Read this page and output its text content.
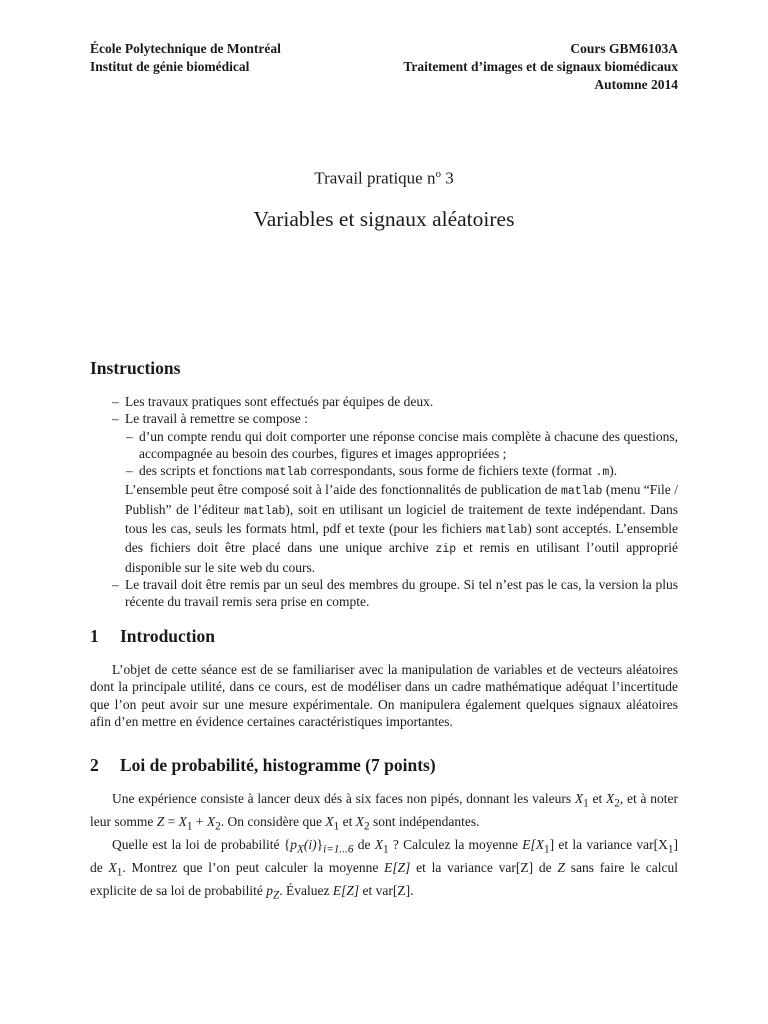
École Polytechnique de Montréal
Institut de génie biomédical
Cours GBM6103A
Traitement d’images et de signaux biomédicaux
Automne 2014
Travail pratique $n^o$ 3
Variables et signaux aléatoires
Instructions
– Les travaux pratiques sont effectués par équipes de deux.

– Le travail à remettre se compose :

– d’un compte rendu qui doit comporter une réponse concise mais complète à chacune des questions, accompagnée au besoin des courbes, figures et images appropriées ;

– des scripts et fonctions matlab correspondants, sous forme de fichiers texte (format .m).

L’ensemble peut être composé soit à l’aide des fonctionnalités de publication de matlab (menu “File / Publish” de l’éditeur matlab), soit en utilisant un logiciel de traitement de texte indépendant. Dans tous les cas, seuls les formats html, pdf et texte (pour les fichiers matlab) sont acceptés. L’ensemble des fichiers doit être placé dans une unique archive zip et remis en utilisant l’outil approprié disponible sur le site web du cours.

– Le travail doit être remis par un seul des membres du groupe. Si tel n’est pas le cas, la version la plus récente du travail remis sera prise en compte.

1 Introduction

L’objet de cette séance est de se familiariser avec la manipulation de variables et de vecteurs aléatoires dont la principale utilité, dans ce cours, est de modéliser dans un cadre mathématique adéquat l’incertitude que l’on peut avoir sur une mesure expérimentale. On manipulera également quelques signaux aléatoires afin d’en mettre en évidence certaines caractéristiques importantes.

2 Loi de probabilité, histogramme (7 points)

Une expérience consiste à lancer deux dés à six faces non pipés, donnant les valeurs $X_1$ et $X_2$, et à noter leur somme $Z = X_1 + X_2$. On considère que $X_1$ et $X_2$ sont indépendantes.

Quelle est la loi de probabilité $\{p_X(i)\}_{i=1...6}$ de $X_1$ ? Calculez la moyenne $E[X_1]$ et la variance $var[X_1]$ de $X_1$. Montrez que l’on peut calculer la moyenne E[Z] et la variance var[Z] de Z sans faire le calcul explicite de sa loi de probabilité $p_Z$. Évaluez E[Z] et var[Z].
